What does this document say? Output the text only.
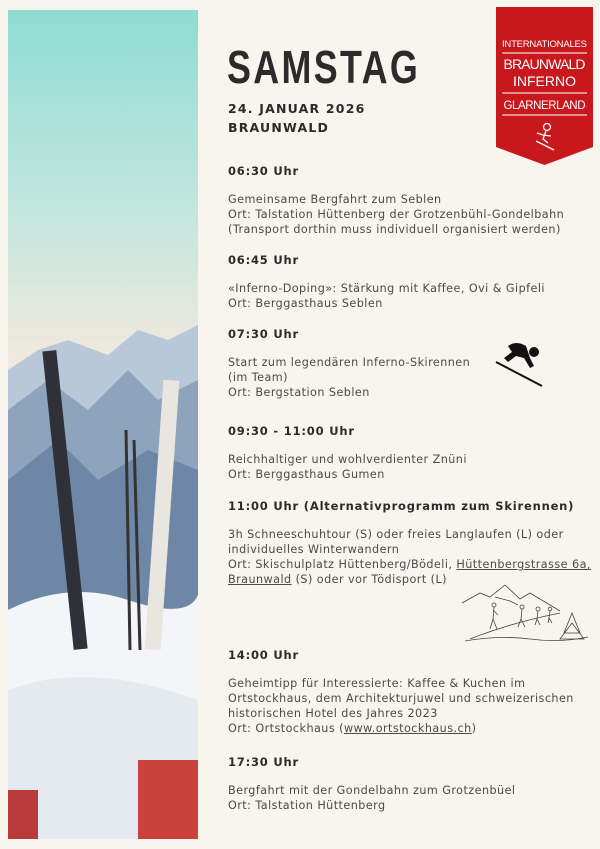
INTERNATIONALES
BRAUNWALD
INFERNO
GLARNERLAND
SAMSTAG
24. JANUAR 2026
BRAUNWALD
06:30 Uhr
Gemeinsame Bergfahrt zum Seblen
Ort: Talstation Hüttenberg der Grotzenbühl-Gondelbahn
(Transport dorthin muss individuell organisiert werden)
06:45 Uhr
«Inferno-Doping»: Stärkung mit Kaffee, Ovi & Gipfeli
Ort: Berggasthaus Seblen
07:30 Uhr
Start zum legendären Inferno-Skirennen
(im Team)
Ort: Bergstation Seblen
09:30 - 11:00 Uhr
Reichhaltiger und wohlverdienter Znüni
Ort: Berggasthaus Gumen
11:00 Uhr (Alternativprogramm zum Skirennen)
3h Schneeschuhtour (S) oder freies Langlaufen (L) oder
individuelles Winterwandern
Ort: Skischulplatz Hüttenberg/Bödeli, Hüttenbergstrasse 6a,
Braunwald (S) oder vor Tödisport (L)
14:00 Uhr
Geheimtipp für Interessierte: Kaffee & Kuchen im
Ortstockhaus, dem Architekturjuwel und schweizerischen
historischen Hotel des Jahres 2023
Ort: Ortstockhaus (www.ortstockhaus.ch)
17:30 Uhr
Bergfahrt mit der Gondelbahn zum Grotzenbüel
Ort: Talstation Hüttenberg
